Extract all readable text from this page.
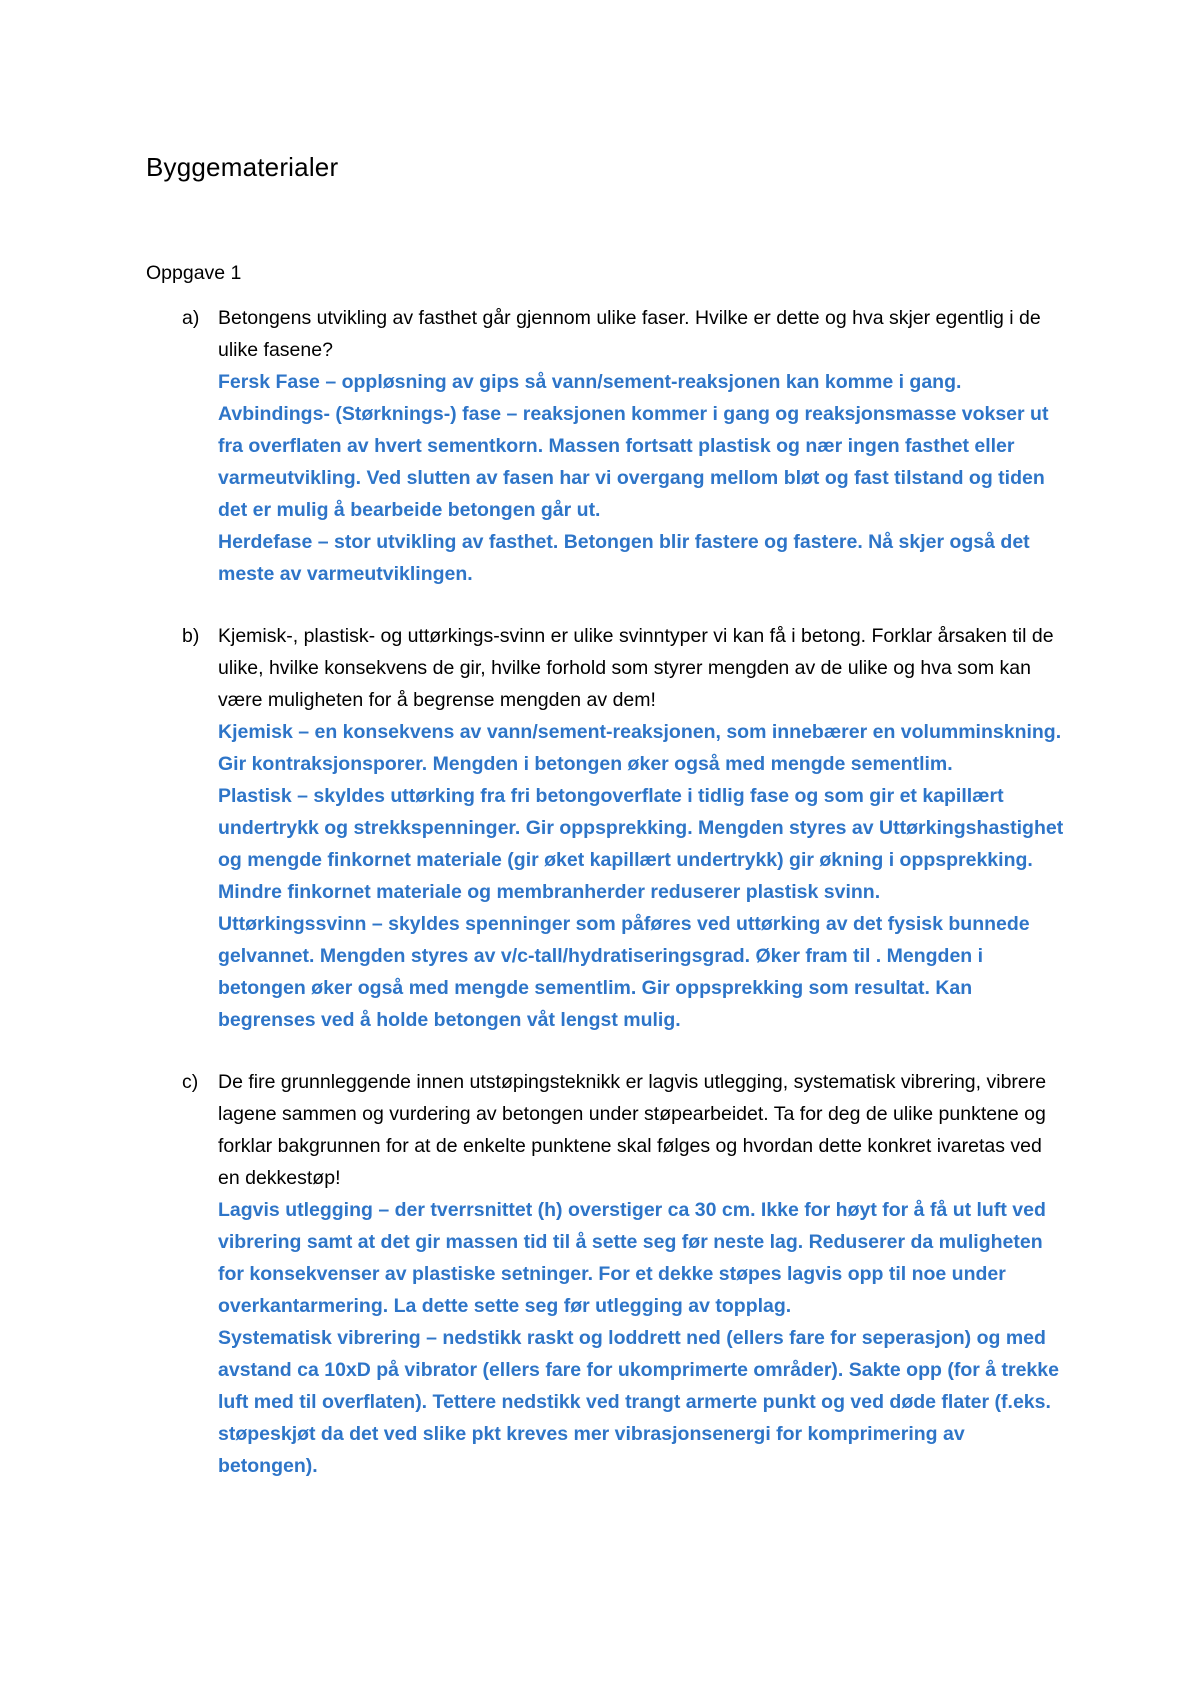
Byggematerialer
Oppgave 1
a) Betongens utvikling av fasthet går gjennom ulike faser. Hvilke er dette og hva skjer egentlig i de ulike fasene?
Fersk Fase – oppløsning av gips så vann/sement-reaksjonen kan komme i gang.
Avbindings- (Størknings-) fase – reaksjonen kommer i gang og reaksjonsmasse vokser ut fra overflaten av hvert sementkorn. Massen fortsatt plastisk og nær ingen fasthet eller varmeutvikling. Ved slutten av fasen har vi overgang mellom bløt og fast tilstand og tiden det er mulig å bearbeide betongen går ut.
Herdefase – stor utvikling av fasthet. Betongen blir fastere og fastere. Nå skjer også det meste av varmeutviklingen.
b) Kjemisk-, plastisk- og uttørkings-svinn er ulike svinntyper vi kan få i betong. Forklar årsaken til de ulike, hvilke konsekvens de gir, hvilke forhold som styrer mengden av de ulike og hva som kan være muligheten for å begrense mengden av dem!
Kjemisk – en konsekvens av vann/sement-reaksjonen, som innebærer en volumminskning. Gir kontraksjonsporer. Mengden i betongen øker også med mengde sementlim.
Plastisk – skyldes uttørking fra fri betongoverflate i tidlig fase og som gir et kapillært undertrykk og strekkspenninger. Gir oppsprekking. Mengden styres av Uttørkingshastighet og mengde finkornet materiale (gir øket kapillært undertrykk) gir økning i oppsprekking. Mindre finkornet materiale og membranherder reduserer plastisk svinn.
Uttørkingssvinn – skyldes spenninger som påføres ved uttørking av det fysisk bunnede gelvannet. Mengden styres av v/c-tall/hydratiseringsgrad. Øker fram til . Mengden i betongen øker også med mengde sementlim. Gir oppsprekking som resultat. Kan begrenses ved å holde betongen våt lengst mulig.
c) De fire grunnleggende innen utstøpingsteknikk er lagvis utlegging, systematisk vibrering, vibrere lagene sammen og vurdering av betongen under støpearbeidet. Ta for deg de ulike punktene og forklar bakgrunnen for at de enkelte punktene skal følges og hvordan dette konkret ivaretas ved en dekkestøp!
Lagvis utlegging – der tverrsnittet (h) overstiger ca 30 cm. Ikke for høyt for å få ut luft ved vibrering samt at det gir massen tid til å sette seg før neste lag. Reduserer da muligheten for konsekvenser av plastiske setninger. For et dekke støpes lagvis opp til noe under overkantarmering. La dette sette seg før utlegging av topplag.
Systematisk vibrering – nedstikk raskt og loddrett ned (ellers fare for seperasjon) og med avstand ca 10xD på vibrator (ellers fare for ukomprimerte områder). Sakte opp (for å trekke luft med til overflaten). Tettere nedstikk ved trangt armerte punkt og ved døde flater (f.eks. støpeskjøt da det ved slike pkt kreves mer vibrasjonsenergi for komprimering av betongen).
